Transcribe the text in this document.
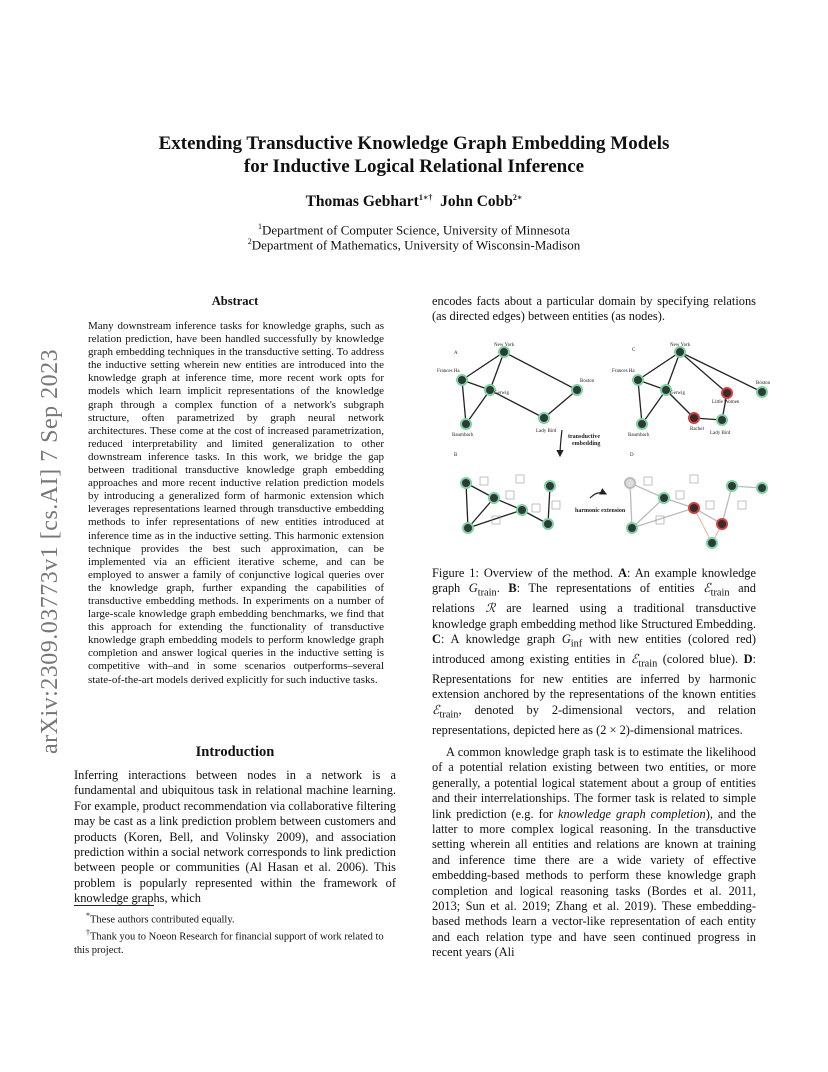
arXiv:2309.03773v1 [cs.AI] 7 Sep 2023
Extending Transductive Knowledge Graph Embedding Models
for Inductive Logical Relational Inference
Thomas Gebhart$^{1∗\dagger}$ John Cobb$^{2∗}$
$^1$Department of Computer Science, University of Minnesota
$^2$Department of Mathematics, University of Wisconsin-Madison
Abstract
Many downstream inference tasks for knowledge graphs, such as relation prediction, have been handled successfully by knowledge graph embedding techniques in the transductive setting. To address the inductive setting wherein new entities are introduced into the knowledge graph at inference time, more recent work opts for models which learn implicit representations of the knowledge graph through a complex function of a network's subgraph structure, often parametrized by graph neural network architectures. These come at the cost of increased parametrization, reduced interpretability and limited generalization to other downstream inference tasks. In this work, we bridge the gap between traditional transductive knowledge graph embedding approaches and more recent inductive relation prediction models by introducing a generalized form of harmonic extension which leverages representations learned through transductive embedding methods to infer representations of new entities introduced at inference time as in the inductive setting. This harmonic extension technique provides the best such approximation, can be implemented via an efficient iterative scheme, and can be employed to answer a family of conjunctive logical queries over the knowledge graph, further expanding the capabilities of transductive embedding methods. In experiments on a number of large-scale knowledge graph embedding benchmarks, we find that this approach for extending the functionality of transductive knowledge graph embedding models to perform knowledge graph completion and answer logical queries in the inductive setting is competitive with–and in some scenarios outperforms–several state-of-the-art models derived explicitly for such inductive tasks.
Introduction
Inferring interactions between nodes in a network is a fundamental and ubiquitous task in relational machine learning. For example, product recommendation via collaborative filtering may be cast as a link prediction problem between customers and products (Koren, Bell, and Volinsky 2009), and association prediction within a social network corresponds to link prediction between people or communities (Al Hasan et al. 2006). This problem is popularly represented within the framework of knowledge graphs, which

*These authors contributed equally.

†Thank you to Noeon Research for financial support of work related to this project.

encodes facts about a particular domain by specifying relations (as directed edges) between entities (as nodes).
A
New York
Frances Ha
Gerwig
Boston
Baumbach
Lady Bird
C
New York
Frances Ha
Gerwig
Boston
Baumbach	Lady Bird
Little Women
Rachel
transductive
embedding
B
harmonic extension
D
Figure 1: Overview of the method. A: An example knowledge graph $G_{train}$. B: The representations of entities ℰ$_{train}$ and relations ℛ are learned using a traditional transductive knowledge graph embedding method like Structured Embedding. C: A knowledge graph $G_{inf}$ with new entities (colored red) introduced among existing entities in ℰ$_{train}$ (colored blue). D: Representations for new entities are inferred by harmonic extension anchored by the representations of the known entities ℰ$_{train}$, denoted by 2-dimensional vectors, and relation representations, depicted here as (2 × 2)-dimensional matrices.
A common knowledge graph task is to estimate the likelihood of a potential relation existing between two entities, or more generally, a potential logical statement about a group of entities and their interrelationships. The former task is related to simple link prediction (e.g. for knowledge graph completion), and the latter to more complex logical reasoning. In the transductive setting wherein all entities and relations are known at training and inference time there are a wide variety of effective embedding-based methods to perform these knowledge graph completion and logical reasoning tasks (Bordes et al. 2011, 2013; Sun et al. 2019; Zhang et al. 2019). These embedding-based methods learn a vector-like representation of each entity and each relation type and have seen continued progress in recent years (Ali
